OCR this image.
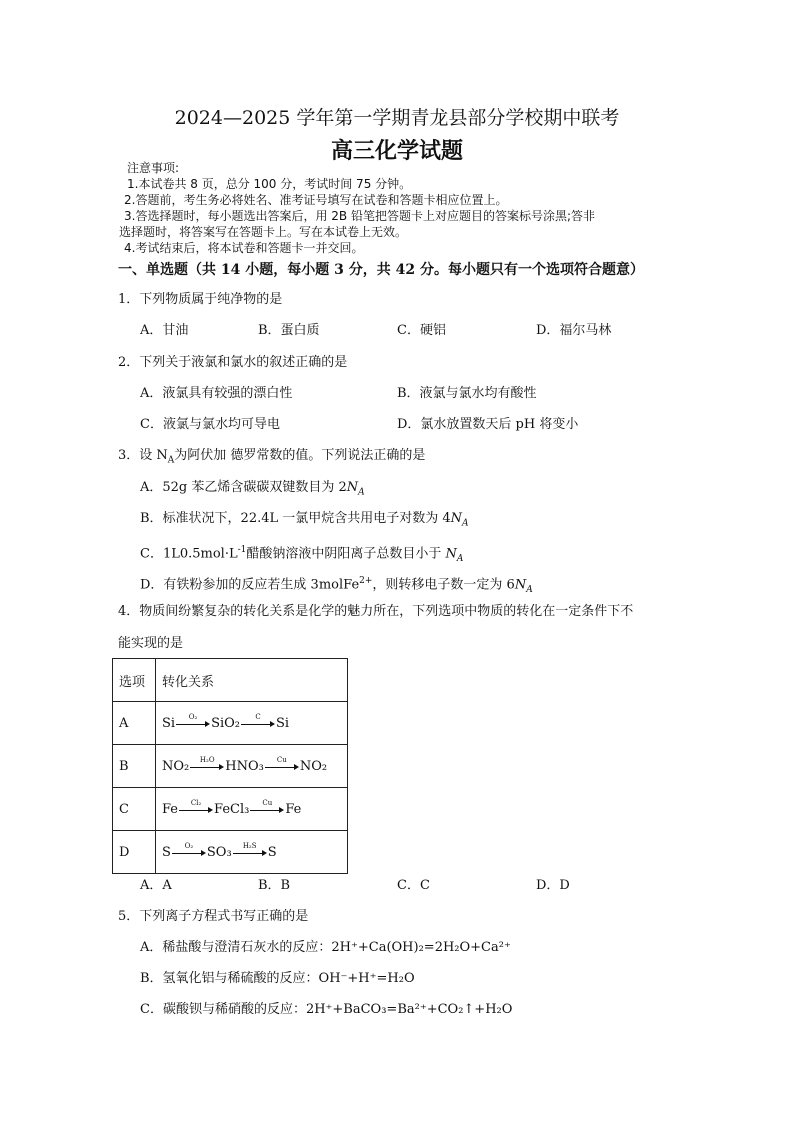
2024—2025 学年第一学期青龙县部分学校期中联考
高三化学试题
注意事项:
1.本试卷共 8 页，总分 100 分，考试时间 75 分钟。
2.答题前，考生务必将姓名、准考证号填写在试卷和答题卡相应位置上。
3.答选择题时，每小题选出答案后，用 2B 铅笔把答题卡上对应题目的答案标号涂黑;答非
选择题时，将答案写在答题卡上。写在本试卷上无效。
4.考试结束后，将本试卷和答题卡一并交回。
一、单选题（共 14 小题，每小题 3 分，共 42 分。每小题只有一个选项符合题意）
1．下列物质属于纯净物的是
A．甘油	B．蛋白质	C．硬铝	D．福尔马林
2．下列关于液氯和氯水的叙述正确的是
A．液氯具有较强的漂白性	B．液氯与氯水均有酸性
C．液氯与氯水均可导电	D．氯水放置数天后 pH 将变小
3．设 $N_A$为阿伏加 德罗常数的值。下列说法正确的是
A．52g 苯乙烯含碳碳双键数目为 $2N_A$
B．标准状况下，22.4L 一氯甲烷含共用电子对数为 $4N_A$
C．$1L0.5mol\cdot L^{-1}$醋酸钠溶液中阴阳离子总数目小于 $N_A$
D．有铁粉参加的反应若生成 3molFe$^{2+}$，则转移电子数一定为 $6N_A$
4．物质间纷繁复杂的转化关系是化学的魅力所在，下列选项中物质的转化在一定条件下不
能实现的是
选项	转化关系
A	Si O₂ SiO₂ C Si
B	NO₂ H₂O HNO₃ Cu NO₂
C	Fe Cl₂ FeCl₃ Cu Fe
D	S O₂ SO₃ H₂S S
A．A	B．B	C．C	D．D
5．下列离子方程式书写正确的是
A．稀盐酸与澄清石灰水的反应：2H⁺+Ca(OH)₂=2H₂O+Ca²⁺
B．氢氧化铝与稀硫酸的反应：OH⁻+H⁺=H₂O
C．碳酸钡与稀硝酸的反应：2H⁺+BaCO₃=Ba²⁺+CO₂↑+H₂O
